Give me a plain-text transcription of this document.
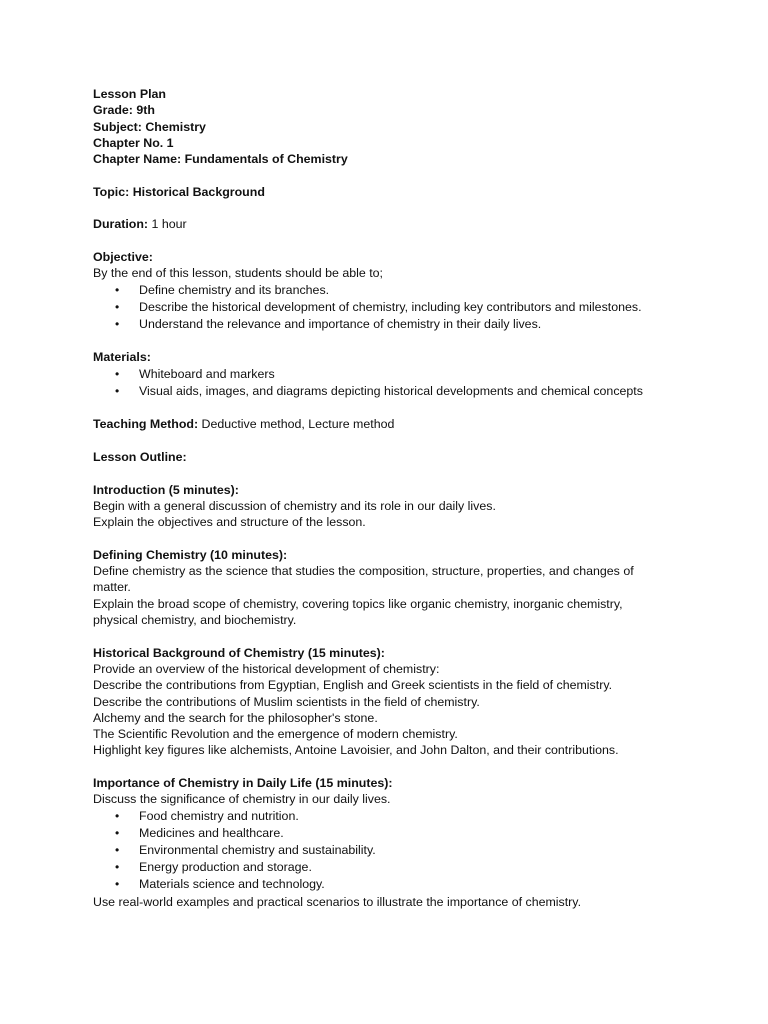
Lesson Plan
Grade: 9th
Subject: Chemistry
Chapter No. 1
Chapter Name: Fundamentals of Chemistry
Topic: Historical Background
Duration: 1 hour
Objective:
By the end of this lesson, students should be able to;
• Define chemistry and its branches.
• Describe the historical development of chemistry, including key contributors and milestones.
• Understand the relevance and importance of chemistry in their daily lives.
Materials:
• Whiteboard and markers
• Visual aids, images, and diagrams depicting historical developments and chemical concepts
Teaching Method: Deductive method, Lecture method
Lesson Outline:
Introduction (5 minutes):
Begin with a general discussion of chemistry and its role in our daily lives.
Explain the objectives and structure of the lesson.
Defining Chemistry (10 minutes):
Define chemistry as the science that studies the composition, structure, properties, and changes of
matter.
Explain the broad scope of chemistry, covering topics like organic chemistry, inorganic chemistry,
physical chemistry, and biochemistry.
Historical Background of Chemistry (15 minutes):
Provide an overview of the historical development of chemistry:
Describe the contributions from Egyptian, English and Greek scientists in the field of chemistry.
Describe the contributions of Muslim scientists in the field of chemistry.
Alchemy and the search for the philosopher's stone.
The Scientific Revolution and the emergence of modern chemistry.
Highlight key figures like alchemists, Antoine Lavoisier, and John Dalton, and their contributions.
Importance of Chemistry in Daily Life (15 minutes):
Discuss the significance of chemistry in our daily lives.
• Food chemistry and nutrition.
• Medicines and healthcare.
• Environmental chemistry and sustainability.
• Energy production and storage.
• Materials science and technology.
Use real-world examples and practical scenarios to illustrate the importance of chemistry.
